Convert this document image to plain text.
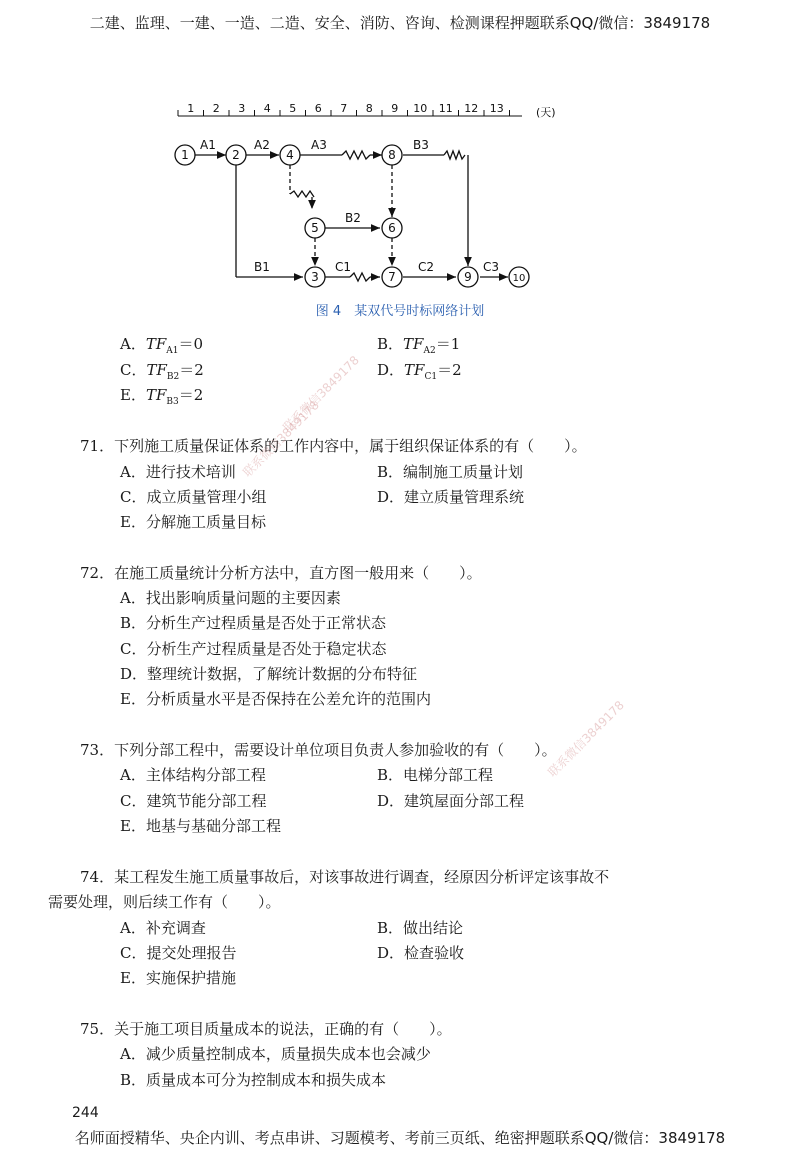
二建、监理、一建、一造、二造、安全、消防、咨询、检测课程押题联系QQ/微信：3849178
1 2 3 4 5 6 7 8 9 10 11 12 13	(天)
1	2	4	8
5	6
3	7	9	10
A1	A2	A3	B3
B2
B1	C1	C2	C3
图 4　某双代号时标网络计划
A．$TF_{A1}=0$	B．$TF_{A2}=1$
C．$TF_{B2}=2$	D．$TF_{C1}=2$
E．$TF_{B3}=2$
71．下列施工质量保证体系的工作内容中，属于组织保证体系的有（　　）。
A．进行技术培训	B．编制施工质量计划
C．成立质量管理小组	D．建立质量管理系统
E．分解施工质量目标
72．在施工质量统计分析方法中，直方图一般用来（　　）。
A．找出影响质量问题的主要因素
B．分析生产过程质量是否处于正常状态
C．分析生产过程质量是否处于稳定状态
D．整理统计数据，了解统计数据的分布特征
E．分析质量水平是否保持在公差允许的范围内
73．下列分部工程中，需要设计单位项目负责人参加验收的有（　　）。
A．主体结构分部工程	B．电梯分部工程
C．建筑节能分部工程	D．建筑屋面分部工程
E．地基与基础分部工程
74．某工程发生施工质量事故后，对该事故进行调查，经原因分析评定该事故不
需要处理，则后续工作有（　　）。
A．补充调查	B．做出结论
C．提交处理报告	D．检查验收
E．实施保护措施
75．关于施工项目质量成本的说法，正确的有（　　）。
A．减少质量控制成本，质量损失成本也会减少
B．质量成本可分为控制成本和损失成本
联系微信3849178
联系微信3849178
联系微信3849178
244
名师面授精华、央企内训、考点串讲、习题模考、考前三页纸、绝密押题联系QQ/微信：3849178
